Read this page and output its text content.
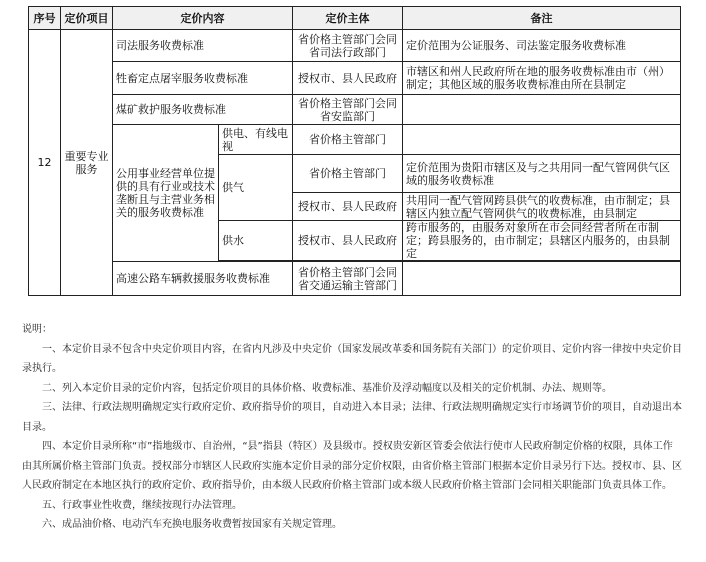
序号	定价项目	定价内容		定价主体	备注
12	重要专业服务	司法服务收费标准		省价格主管部门会同省司法行政部门	定价范围为公证服务、司法鉴定服务收费标准
		牲畜定点屠宰服务收费标准		授权市、县人民政府	市辖区和州人民政府所在地的服务收费标准由市（州）制定；其他区域的服务收费标准由所在县制定
		煤矿救护服务收费标准		省价格主管部门会同省安监部门	
		公用事业经营单位提供的具有行业或技术垄断且与主营业务相关的服务收费标准	供电、有线电视	省价格主管部门	
			供气	省价格主管部门	定价范围为贵阳市辖区及与之共用同一配气管网供气区域的服务收费标准
				授权市、县人民政府	共用同一配气管网跨县供气的收费标准，由市制定；县辖区内独立配气管网供气的收费标准，由县制定
			供水	授权市、县人民政府	跨市服务的，由服务对象所在市会同经营者所在市制定；跨县服务的，由市制定；县辖区内服务的，由县制定

		高速公路车辆救援服务收费标准		省价格主管部门会同省交通运输主管部门	

说明：

一、本定价目录不包含中央定价项目内容，在省内凡涉及中央定价（国家发展改革委和国务院有关部门）的定价项目、定价内容一律按中央定价目录执行。

二、列入本定价目录的定价内容，包括定价项目的具体价格、收费标准、基准价及浮动幅度以及相关的定价机制、办法、规则等。

三、法律、行政法规明确规定实行政府定价、政府指导价的项目，自动进入本目录；法律、行政法规明确规定实行市场调节价的项目，自动退出本目录。

四、本定价目录所称“市”指地级市、自治州，“县”指县（特区）及县级市。授权贵安新区管委会依法行使市人民政府制定价格的权限，具体工作由其所属价格主管部门负责。授权部分市辖区人民政府实施本定价目录的部分定价权限，由省价格主管部门根据本定价目录另行下达。授权市、县、区人民政府制定在本地区执行的政府定价、政府指导价，由本级人民政府价格主管部门或本级人民政府价格主管部门会同相关职能部门负责具体工作。

五、行政事业性收费，继续按现行办法管理。

六、成品油价格、电动汽车充换电服务收费暂按国家有关规定管理。
